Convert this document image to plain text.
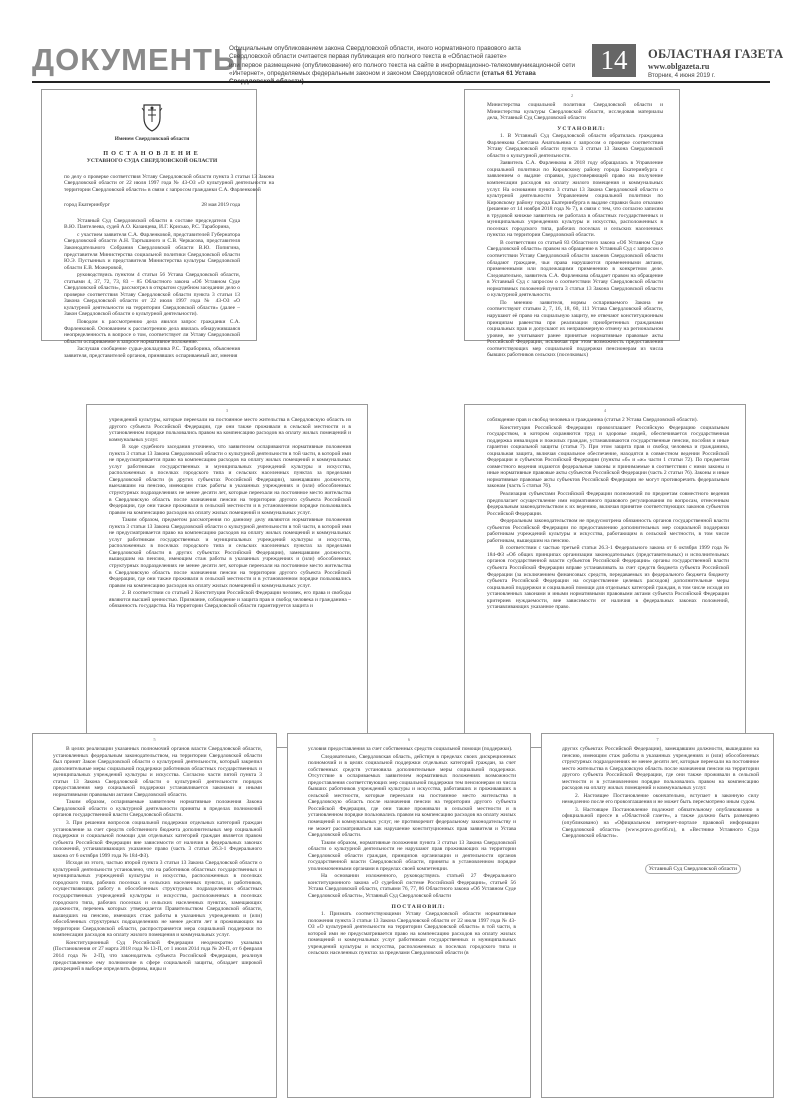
ДОКУМЕНТЫ
Официальным опубликованием закона Свердловской области, иного нормативного правового акта
Свердловской области считается первая публикация его полного текста в «Областной газете»
или первое размещение (опубликование) его полного текста на сайте в информационно-телекоммуникационной сети
«Интернет», определяемых федеральным законом и законом Свердловской области (статья 61 Устава	14	ОБЛАСТНАЯ ГАЗЕТА
www.oblgazeta.ru
Вторник, 4 июня 2019 г.

Именем Свердловской области

ПОСТАНОВЛЕНИЕ

УСТАВНОГО СУДА СВЕРДЛОВСКОЙ ОБЛАСТИ

по делу о проверке соответствия Уставу Свердловской области пункта 3 статьи 13 Закона Свердловской области от 22 июля 1997 года № 43-ОЗ «О культурной деятельности на территории Свердловской области» в связи с запросом гражданки С.А. Фарленковой

город Екатеринбург	28 мая 2019 года

Уставный Суд Свердловской области в составе председателя Суда В.Ю. Пантелеева, судей А.О. Казанцева, И.Г. Крисько, Р.С. Тараборина,

с участием заявителя С.А. Фарленковой, представителей Губернатора Свердловской области А.Н. Тартышного и С.В. Черкасова, представителя Законодательного Собрания Свердловской области В.Ю. Попигина, представителя Министерства социальной политики Свердловской области Ю.Э. Пустынных и представителя Министерства культуры Свердловской области Е.В. Можеровой,

руководствуясь пунктом 4 статьи 56 Устава Свердловской области, статьями 4, 37, 72, 73, 83 – 85 Областного закона «Об Уставном Суде Свердловской области», рассмотрел в открытом судебном заседании дело о проверке соответствия Уставу Свердловской области пункта 3 статьи 13 Закона Свердловской области от 22 июля 1997 года № 43-ОЗ «О культурной деятельности на территории Свердловской области» (далее – Закон Свердловской области о культурной деятельности).

Поводом к рассмотрению дела явился запрос гражданки С.А. Фарленковой. Основанием к рассмотрению дела явилась обнаружившаяся неопределенность в вопросе о том, соответствует ли Уставу Свердловской области оспариваемое в запросе нормативное положение.

Заслушав сообщение судьи-докладчика Р.С. Тараборина, объяснения заявителя, представителей органов, принявших оспариваемый акт, мнения

2

Министерства социальной политики Свердловской области и Министерства культуры Свердловской области, исследовав материалы дела, Уставный Суд Свердловской области

УСТАНОВИЛ:

1. В Уставный Суд Свердловской области обратилась гражданка Фарленкова Светлана Анатольевна с запросом о проверке соответствия Уставу Свердловской области пункта 3 статьи 13 Закона Свердловской области о культурной деятельности.

Заявитель С.А. Фарленкова в 2018 году обращалась в Управление социальной политики по Кировскому району города Екатеринбурга с заявлением о выдаче справки, удостоверяющей право на получение компенсации расходов на оплату жилого помещения и коммунальных услуг. На основании пункта 3 статьи 13 Закона Свердловской области о культурной деятельности Управлением социальной политики по Кировскому району города Екатеринбурга в выдаче справки было отказано (решение от 14 ноября 2018 года № 7), в связи с тем, что согласно записям в трудовой книжке заявитель не работала в областных государственных и муниципальных учреждениях культуры и искусства, расположенных в поселках городского типа, рабочих поселках и сельских населенных пунктах на территории Свердловской области.

В соответствии со статьей 83 Областного закона «Об Уставном Суде Свердловской области» правом на обращение в Уставный Суд с запросом о соответствии Уставу Свердловской области законов Свердловской области обладают граждане, чьи права нарушаются примененными актами, примененными или подлежащими применению в конкретном деле. Следовательно, заявитель С.А. Фарленкова обладает правом на обращение в Уставный Суд с запросом о соответствии Уставу Свердловской области нормативных положений пункта 3 статьи 13 Закона Свердловской области о культурной деятельности.

По мнению заявителя, нормы оспариваемого Закона не соответствуют статьям 2, 7, 16, 18, 60, 111 Устава Свердловской области, нарушают её право на социальную защиту, не отвечают конституционным принципам равенства при реализации приобретенных гражданами социальных прав и допускают их неправомерную отмену на региональном уровне, не учитывают ранее принятые нормативные правовые акты Российской Федерации, исключая при этом возможность предоставления соответствующих мер социальной поддержки пенсионерам из числа бывших работников сельских (поселковых)

3

учреждений культуры, которые переехали на постоянное место жительства в Свердловскую область из другого субъекта Российской Федерации, где они также проживали в сельской местности и в установленном порядке пользовались правом на компенсацию расходов на оплату жилых помещений и коммунальных услуг.

В ходе судебного заседания уточнено, что заявителем оспариваются нормативные положения пункта 3 статьи 13 Закона Свердловской области о культурной деятельности в той части, в которой ими не предусматривается право на компенсацию расходов на оплату жилых помещений и коммунальных услуг работникам государственных и муниципальных учреждений культуры и искусства, расположенных в поселках городского типа и сельских населенных пунктах за пределами Свердловской области (в других субъектах Российской Федерации), замещавшим должности, выехавшим на пенсию, имеющим стаж работы в указанных учреждениях и (или) обособленных структурных подразделениях не менее десяти лет, которые переехали на постоянное место жительства в Свердловскую область после назначения пенсии на территории другого субъекта Российской Федерации, где они также проживали в сельской местности и в установленном порядке пользовались правом на компенсацию расходов на оплату жилых помещений и коммунальных услуг.

Таким образом, предметом рассмотрения по данному делу являются нормативные положения пункта 3 статьи 13 Закона Свердловской области о культурной деятельности в той части, в которой ими не предусматривается право на компенсацию расходов на оплату жилых помещений и коммунальных услуг работникам государственных и муниципальных учреждений культуры и искусства, расположенных в поселках городского типа и сельских населенных пунктах за пределами Свердловской области в других субъектах Российской Федерации), замещавшим должности, вышедшим на пенсию, имеющим стаж работы в указанных учреждениях и (или) обособленных структурных подразделениях не менее десяти лет, которые переехали на постоянное место жительства в Свердловскую область после назначения пенсии на территории другого субъекта Российской Федерации, где они также проживали в сельской местности и в установленном порядке пользовались правом на компенсацию расходов на оплату жилых помещений и коммунальных услуг.

2. В соответствии со статьей 2 Конституции Российской Федерации человек, его права и свободы являются высшей ценностью. Признание, соблюдение и защита прав и свобод человека и гражданина – обязанность государства. На территории Свердловской области гарантируется защита и

4

соблюдение прав и свобод человека и гражданина (статья 2 Устава Свердловской области).

Конституция Российской Федерации провозглашает Российскую Федерацию социальным государством, в котором охраняются труд и здоровье людей, обеспечивается государственная поддержка инвалидов и пожилых граждан, устанавливаются государственные пенсии, пособия и иные гарантии социальной защиты (статья 7). При этом защита прав и свобод человека и гражданина, социальная защита, включая социальное обеспечение, находятся в совместном ведении Российской Федерации и субъектов Российской Федерации (пункты «б» и «ж» части 1 статьи 72). По предметам совместного ведения издаются федеральные законы и принимаемые в соответствии с ними законы и иные нормативные правовые акты субъектов Российской Федерации (часть 2 статьи 76). Законы и иные нормативные правовые акты субъектов Российской Федерации не могут противоречить федеральным законам (часть 5 статьи 76).

Реализация субъектами Российской Федерации полномочий по предметам совместного ведения предполагает осуществление ими нормативного правового регулирования по вопросам, отнесенным федеральным законодательством к их ведению, включая принятие соответствующих законов субъектов Российской Федерации.

Федеральным законодательством не предусмотрена обязанность органов государственной власти субъектов Российской Федерации по предоставлению дополнительных мер социальной поддержки работникам учреждений культуры и искусства, работающим в сельской местности, в том числе работникам, вышедшим на пенсию.

В соответствии с частью третьей статьи 26.3-1 Федерального закона от 6 октября 1999 года № 184-ФЗ «Об общих принципах организации законодательных (представительных) и исполнительных органов государственной власти субъектов Российской Федерации» органы государственной власти субъекта Российской Федерации вправе устанавливать за счет средств бюджета субъекта Российской Федерации (за исключением финансовых средств, передаваемых из федерального бюджета бюджету субъекта Российской Федерации на осуществление целевых расходов) дополнительные меры социальной поддержки и социальной помощи для отдельных категорий граждан, в том числе исходя из установленных законами и иными нормативными правовыми актами субъекта Российской Федерации критериев нуждаемости, вне зависимости от наличия в федеральных законах положений, устанавливающих указанное право.

5

В целях реализации указанных полномочий органов власти Свердловской области, установленных федеральным законодательством, на территории Свердловской области был принят Закон Свердловской области о культурной деятельности, который закрепил дополнительные меры социальной поддержки работников областных государственных и муниципальных учреждений культуры и искусства. Согласно части пятой пункта 3 статьи 13 Закона Свердловской области о культурной деятельности порядок предоставления мер социальной поддержки устанавливается законами и иными нормативными правовыми актами Свердловской области.

Таким образом, оспариваемые заявителем нормативные положения Закона Свердловской области о культурной деятельности приняты в пределах полномочий органов государственной власти Свердловской области.

3. При решении вопросов социальной поддержки отдельных категорий граждан установление за счет средств собственного бюджета дополнительных мер социальной поддержки и социальной помощи для отдельных категорий граждан является правом субъекта Российской Федерации вне зависимости от наличия в федеральных законах положений, устанавливающих указанное право (часть 3 статьи 26.3-1 Федерального закона от 6 октября 1999 года № 184-ФЗ).

Исходя из этого, частью второй пункта 3 статьи 13 Закона Свердловской области о культурной деятельности установлено, что на работников областных государственных и муниципальных учреждений культуры и искусства, расположенных в поселках городского типа, рабочих поселках и сельских населенных пунктах, и работников, осуществляющих работу в обособленных структурных подразделениях областных государственных учреждений культуры и искусства, расположенных в поселках городского типа, рабочих поселках и сельских населенных пунктах, замещающих должности, перечень которых утверждается Правительством Свердловской области, вышедших на пенсию, имеющих стаж работы в указанных учреждениях и (или) обособленных структурных подразделениях не менее десяти лет и проживающих на территории Свердловской области, распространяется мера социальной поддержки по компенсации расходов на оплату жилого помещения и коммунальных услуг.

Конституционный Суд Российской Федерации неоднократно указывал (Постановления от 27 марта 2018 года № 13-П, от 1 июля 2014 года № 20-П, от 6 февраля 2014 года № 2-П), что законодатель субъекта Российской Федерации, реализуя предоставленное ему полномочие в сфере социальной защиты, обладает широкой дискрецией в выборе определить формы, виды и

6

условия предоставления за счет собственных средств социальной помощи (поддержки).

Следовательно, Свердловская область, действуя в пределах своих дискреционных полномочий и в целях социальной поддержки отдельных категорий граждан, за счет собственных средств установила дополнительные меры социальной поддержки. Отсутствие в оспариваемых заявителем нормативных положениях возможности предоставления соответствующих мер социальной поддержки тем пенсионерам из числа бывших работников учреждений культуры и искусства, работавших и проживавших в сельской местности, которые переехали на постоянное место жительства в Свердловскую область после назначения пенсии на территории другого субъекта Российской Федерации, где они также проживали в сельской местности и в установленном порядке пользовались правом на компенсацию расходов на оплату жилых помещений и коммунальных услуг, не противоречит федеральному законодательству и не может рассматриваться как нарушение конституционных прав заявителя и Устава Свердловской области.

Таким образом, нормативные положения пункта 3 статьи 13 Закона Свердловской области о культурной деятельности не нарушают прав проживающих на территории Свердловской области граждан, принципов организации и деятельности органов государственной власти Свердловской области, приняты в установленном порядке уполномоченными органами в пределах своей компетенции.

На основании изложенного, руководствуясь статьей 27 Федерального конституционного закона «О судебной системе Российской Федерации», статьей 56 Устава Свердловской области, статьями 76, 77, 86 Областного закона «Об Уставном Суде Свердловской области», Уставный Суд Свердловской области

ПОСТАНОВИЛ:

1. Признать соответствующими Уставу Свердловской области нормативные положения пункта 3 статьи 13 Закона Свердловской области от 22 июля 1997 года № 43-ОЗ «О культурной деятельности на территории Свердловской области» в той части, в которой ими не предусматривается право на компенсацию расходов на оплату жилых помещений и коммунальных услуг работникам государственных и муниципальных учреждений культуры и искусства, расположенных в поселках городского типа и сельских населенных пунктах за пределами Свердловской области (в

7

других субъектах Российской Федерации), замещавшим должности, вышедшим на пенсию, имеющим стаж работы в указанных учреждениях и (или) обособленных структурных подразделениях не менее десяти лет, которые переехали на постоянное место жительства в Свердловскую область после назначения пенсии на территории другого субъекта Российской Федерации, где они также проживали в сельской местности и в установленном порядке пользовались правом на компенсацию расходов на оплату жилых помещений и коммунальных услуг.

2. Настоящее Постановление окончательно, вступает в законную силу немедленно после его провозглашения и не может быть пересмотрено иным судом.

3. Настоящее Постановление подлежит обязательному опубликованию в официальной прессе в «Областной газете», а также должно быть размещено (опубликовано) на «Официальном интернет-портале правовой информации Свердловской области» (www.pravo.gov66.ru), в «Вестнике Уставного Суда Свердловской области».

Уставный Суд Свердловской области
